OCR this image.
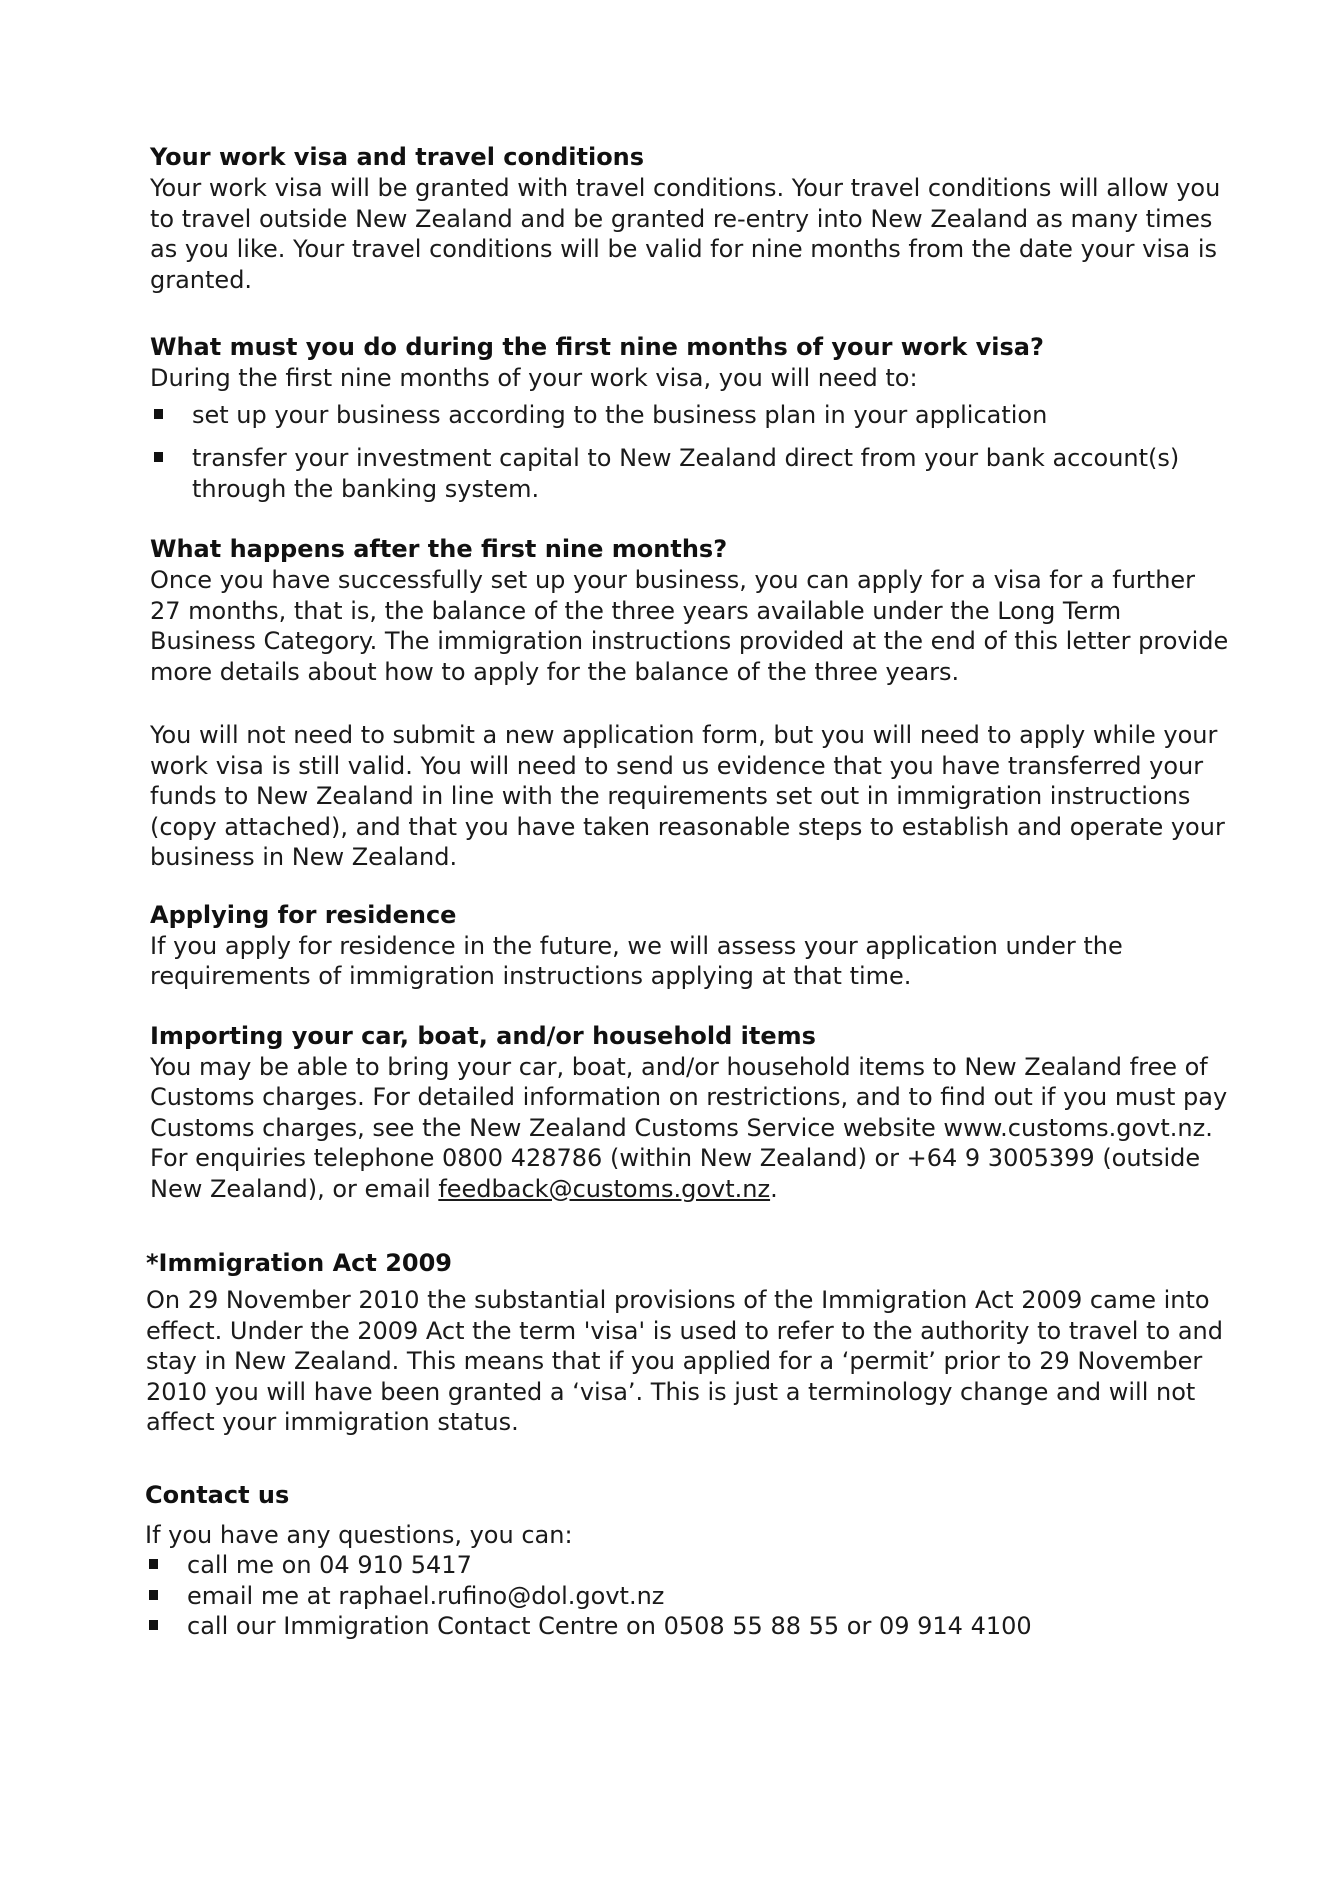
Your work visa and travel conditions

Your work visa will be granted with travel conditions. Your travel conditions will allow you to travel outside New Zealand and be granted re-entry into New Zealand as many times as you like. Your travel conditions will be valid for nine months from the date your visa is granted.

What must you do during the first nine months of your work visa?

During the first nine months of your work visa, you will need to:

set up your business according to the business plan in your application
transfer your investment capital to New Zealand direct from your bank account(s) through the banking system.
What happens after the first nine months?

Once you have successfully set up your business, you can apply for a visa for a further 27 months, that is, the balance of the three years available under the Long Term Business Category. The immigration instructions provided at the end of this letter provide more details about how to apply for the balance of the three years.

You will not need to submit a new application form, but you will need to apply while your work visa is still valid. You will need to send us evidence that you have transferred your funds to New Zealand in line with the requirements set out in immigration instructions (copy attached), and that you have taken reasonable steps to establish and operate your business in New Zealand.

Applying for residence

If you apply for residence in the future, we will assess your application under the requirements of immigration instructions applying at that time.

Importing your car, boat, and/or household items

You may be able to bring your car, boat, and/or household items to New Zealand free of Customs charges. For detailed information on restrictions, and to find out if you must pay Customs charges, see the New Zealand Customs Service website www.customs.govt.nz. For enquiries telephone 0800 428786 (within New Zealand) or +64 9 3005399 (outside New Zealand), or email feedback@customs.govt.nz.

*Immigration Act 2009

On 29 November 2010 the substantial provisions of the Immigration Act 2009 came into effect. Under the 2009 Act the term 'visa' is used to refer to the authority to travel to and stay in New Zealand. This means that if you applied for a ‘permit’ prior to 29 November 2010 you will have been granted a ‘visa’. This is just a terminology change and will not affect your immigration status.

Contact us

If you have any questions, you can:

call me on 04 910 5417
email me at raphael.rufino@dol.govt.nz
call our Immigration Contact Centre on 0508 55 88 55 or 09 914 4100
